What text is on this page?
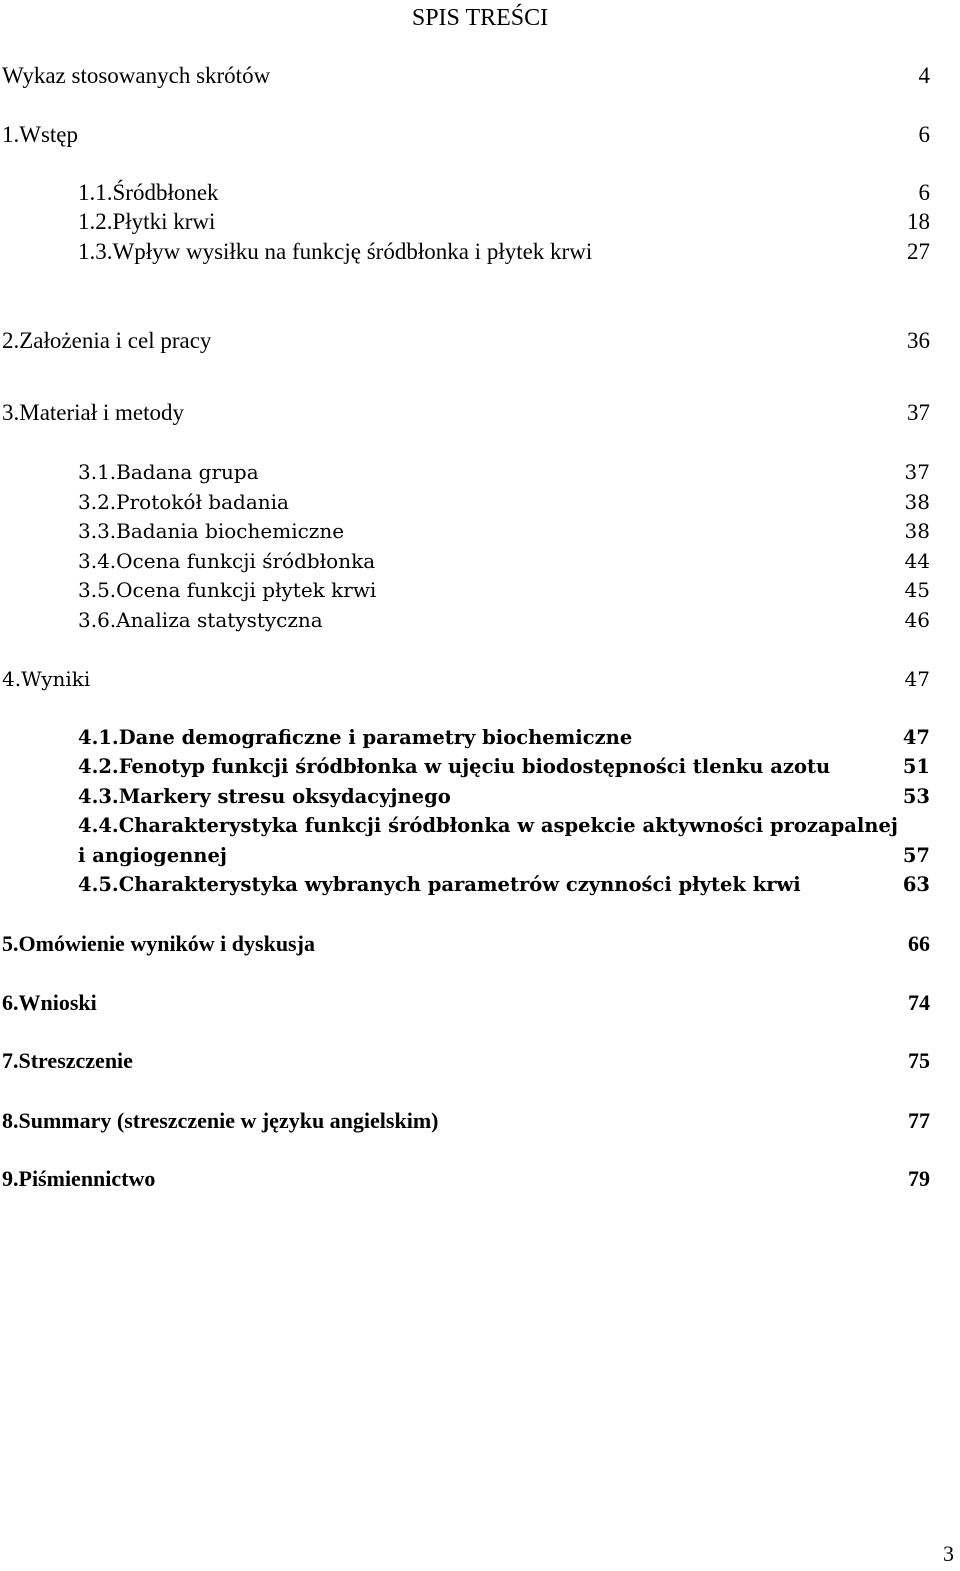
SPIS TREŚCI
Wykaz stosowanych skrótów	4
1.Wstęp	6
1.1.Śródbłonek	6
1.2.Płytki krwi	18
1.3.Wpływ wysiłku na funkcję śródbłonka i płytek krwi	27
2.Założenia i cel pracy	36
3.Materiał i metody	37
3.1.Badana grupa	37
3.2.Protokół badania	38
3.3.Badania biochemiczne	38
3.4.Ocena funkcji śródbłonka	44
3.5.Ocena funkcji płytek krwi	45
3.6.Analiza statystyczna	46
4.Wyniki	47
4.1.Dane demograficzne i parametry biochemiczne	47
4.2.Fenotyp funkcji śródbłonka w ujęciu biodostępności tlenku azotu	51
4.3.Markery stresu oksydacyjnego	53
4.4.Charakterystyka funkcji śródbłonka w aspekcie aktywności prozapalnej
i angiogennej	57
4.5.Charakterystyka wybranych parametrów czynności płytek krwi	63
5.Omówienie wyników i dyskusja	66
6.Wnioski	74
7.Streszczenie	75
8.Summary (streszczenie w języku angielskim)	77
9.Piśmiennictwo	79
3
